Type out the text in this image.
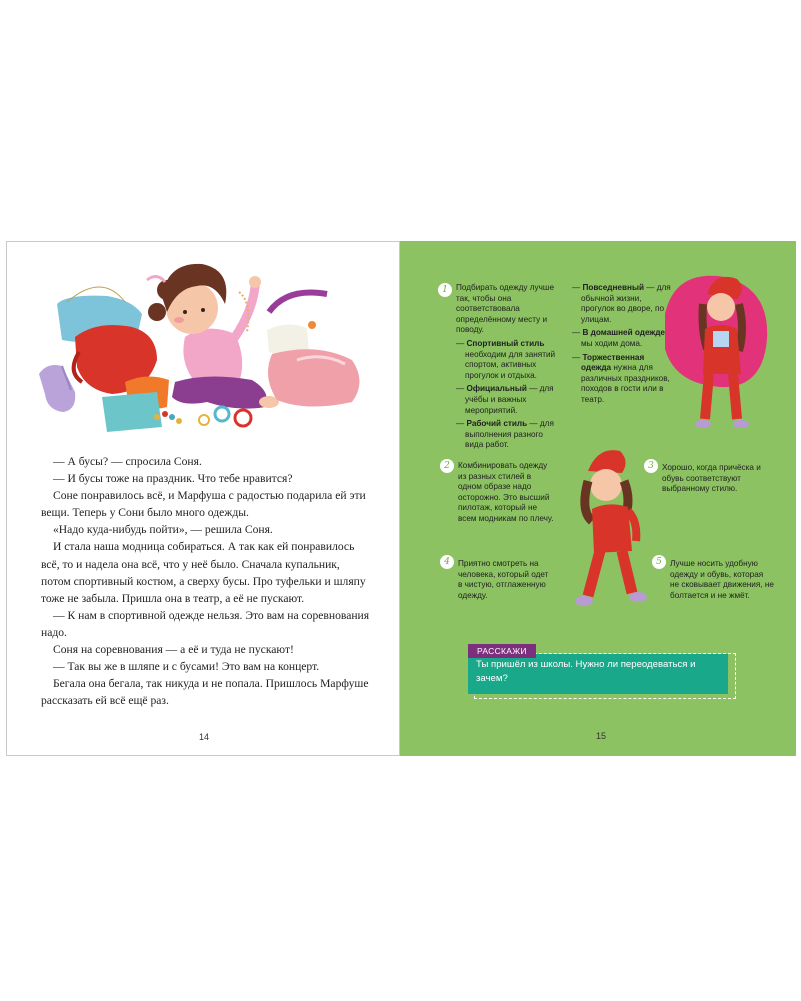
— А бусы? — спросила Соня.

— И бусы тоже на праздник. Что тебе нравится?

Соне понравилось всё, и Марфуша с радостью подарила ей эти вещи. Теперь у Сони было много одежды.

«Надо куда-нибудь пойти», — решила Соня.

И стала наша модница собираться. А так как ей понравилось всё, то и надела она всё, что у неё было. Сначала купальник, потом спортивный костюм, а сверху бусы. Про туфельки и шляпу тоже не забыла. Пришла она в театр, а её не пускают.

— К нам в спортивной одежде нельзя. Это вам на соревнования надо.

Соня на соревнования — а её и туда не пускают!

— Так вы же в шляпе и с бусами! Это вам на концерт.

Бегала она бегала, так никуда и не попала. Пришлось Марфуше рассказать ей всё ещё раз.

14
1 Подбирать одежду лучше так, чтобы она соответствовала определённому месту и поводу.
— Спортивный стиль необходим для занятий спортом, активных прогулок и отдыха.
— Официальный — для учёбы и важных мероприятий.
— Рабочий стиль — для выполнения разного вида работ.
— Повседневный — для обычной жизни, прогулок во дворе, по улицам.
— В домашней одежде мы ходим дома.
— Торжественная одежда нужна для различных праздников, походов в гости или в театр.
2 Комбинировать одежду из разных стилей в одном образе надо осторожно. Это высший пилотаж, который не всем модникам по плечу.
3 Хорошо, когда причёска и обувь соответствуют выбранному стилю.
4 Приятно смотреть на человека, который одет в чистую, отглаженную одежду.
5 Лучше носить удобную одежду и обувь, которая не сковывает движения, не болтается и не жмёт.
Ты пришёл из школы. Нужно ли переодеваться и зачем?
РАССКАЖИ
15
